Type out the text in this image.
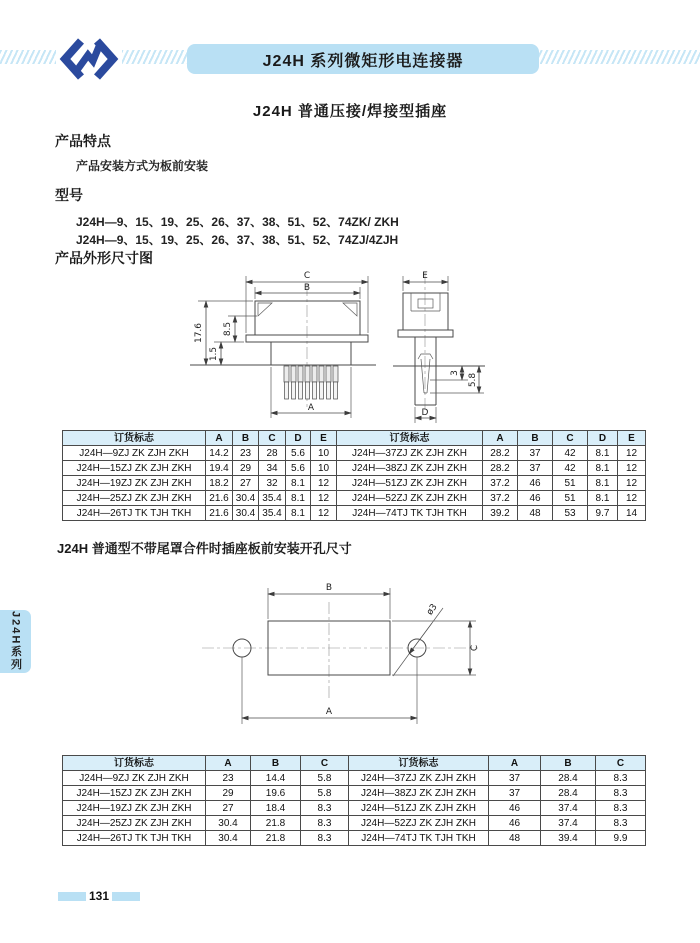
J24H 系列微矩形电连接器
J24H 普通压接/焊接型插座
产品特点
产品安装方式为板前安装
型号
J24H—9、15、19、25、26、37、38、51、52、74ZK/ ZKH
J24H—9、15、19、25、26、37、38、51、52、74ZJ/4ZJH
产品外形尺寸图
C
B
17.6 8.5
1.5
A
E
3 5.8
D
订货标志	A	B	C	D	E	订货标志	A	B	C	D	E
J24H—9ZJ ZK ZJH ZKH	14.2	23	28	5.6	10	J24H—37ZJ ZK ZJH ZKH	28.2	37	42	8.1	12
J24H—15ZJ ZK ZJH ZKH	19.4	29	34	5.6	10	J24H—38ZJ ZK ZJH ZKH	28.2	37	42	8.1	12
J24H—19ZJ ZK ZJH ZKH	18.2	27	32	8.1	12	J24H—51ZJ ZK ZJH ZKH	37.2	46	51	8.1	12
J24H—25ZJ ZK ZJH ZKH	21.6	30.4	35.4	8.1	12	J24H—52ZJ ZK ZJH ZKH	37.2	46	51	8.1	12
J24H—26TJ TK TJH TKH	21.6	30.4	35.4	8.1	12	J24H—74TJ TK TJH TKH	39.2	48	53	9.7	14
J24H 普通型不带尾罩合件时插座板前安装开孔尺寸
B
C
A
ø3
订货标志	A	B	C	订货标志	A	B	C
J24H—9ZJ ZK ZJH ZKH	23	14.4	5.8	J24H—37ZJ ZK ZJH ZKH	37	28.4	8.3
J24H—15ZJ ZK ZJH ZKH	29	19.6	5.8	J24H—38ZJ ZK ZJH ZKH	37	28.4	8.3
J24H—19ZJ ZK ZJH ZKH	27	18.4	8.3	J24H—51ZJ ZK ZJH ZKH	46	37.4	8.3
J24H—25ZJ ZK ZJH ZKH	30.4	21.8	8.3	J24H—52ZJ ZK ZJH ZKH	46	37.4	8.3
J24H—26TJ TK TJH TKH	30.4	21.8	8.3	J24H—74TJ TK TJH TKH	48	39.4	9.9
J24H系列
131
